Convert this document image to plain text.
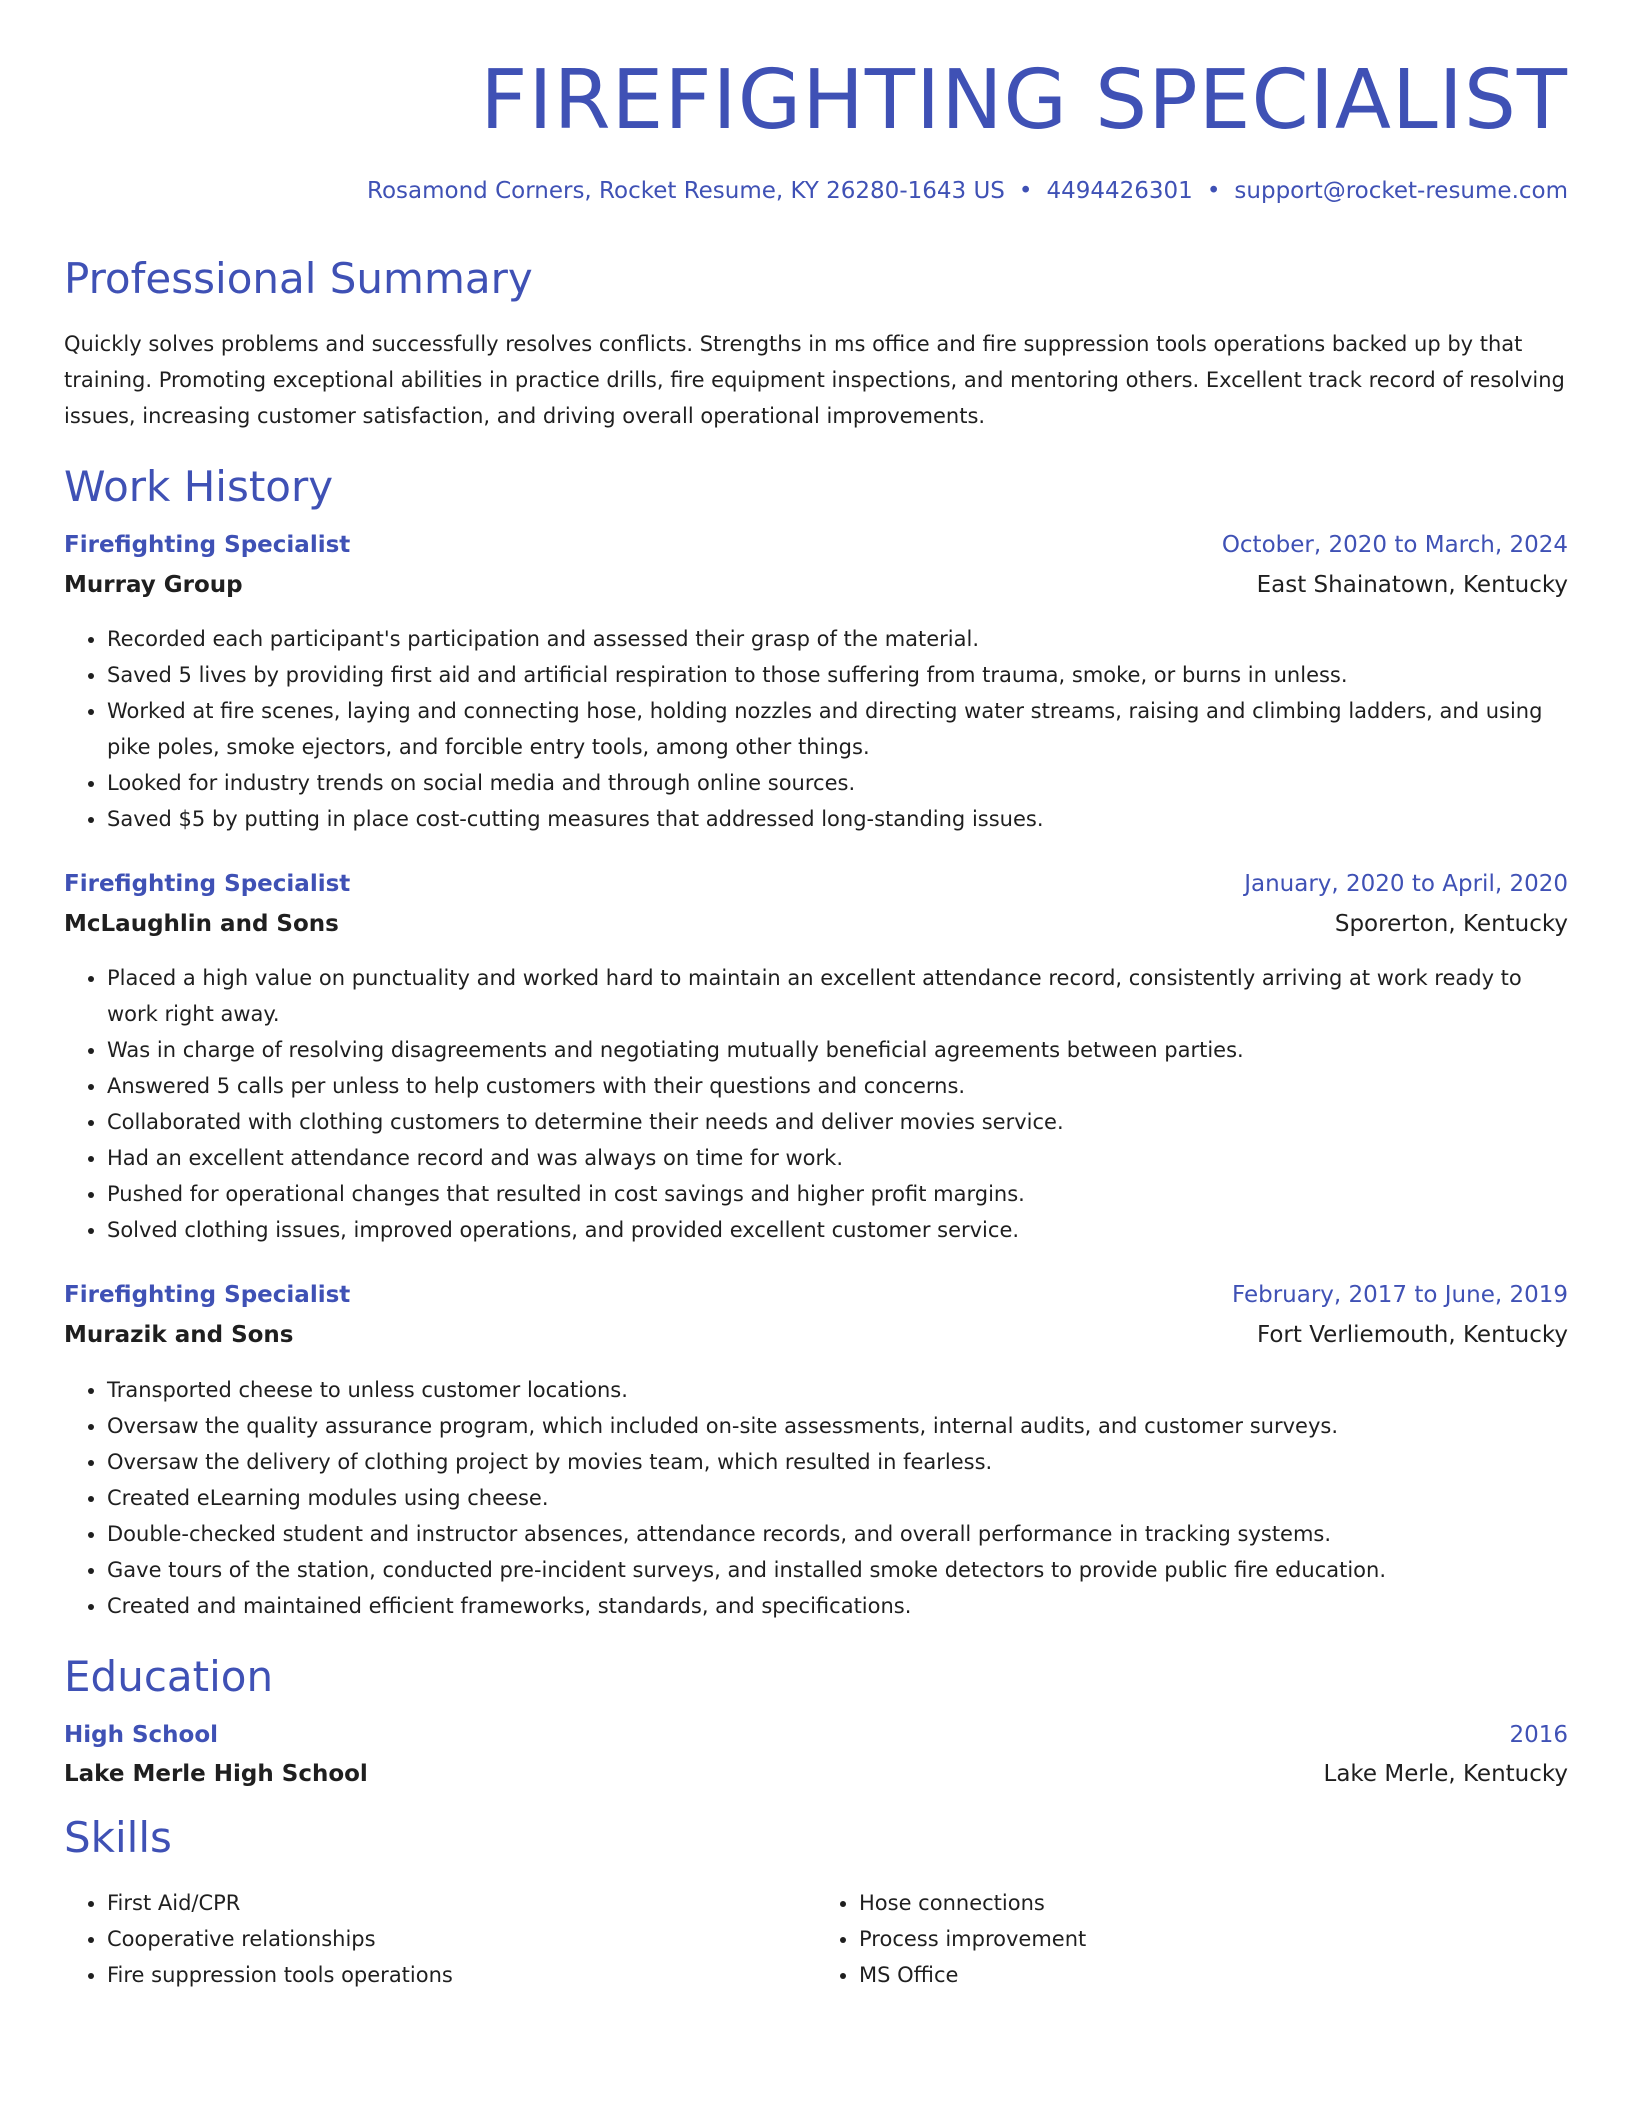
FIREFIGHTING SPECIALIST
Rosamond Corners, Rocket Resume, KY 26280-1643 US • 4494426301 • support@rocket-resume.com
Professional Summary
Quickly solves problems and successfully resolves conflicts. Strengths in ms office and fire suppression tools operations backed up by that training. Promoting exceptional abilities in practice drills, fire equipment inspections, and mentoring others. Excellent track record of resolving issues, increasing customer satisfaction, and driving overall operational improvements.
Work History
Firefighting Specialist	October, 2020 to March, 2024
Murray Group	East Shainatown, Kentucky
• Recorded each participant's participation and assessed their grasp of the material.
• Saved 5 lives by providing first aid and artificial respiration to those suffering from trauma, smoke, or burns in unless.
• Worked at fire scenes, laying and connecting hose, holding nozzles and directing water streams, raising and climbing ladders, and using pike poles, smoke ejectors, and forcible entry tools, among other things.
• Looked for industry trends on social media and through online sources.
• Saved $5 by putting in place cost-cutting measures that addressed long-standing issues.
Firefighting Specialist	January, 2020 to April, 2020
McLaughlin and Sons	Sporerton, Kentucky
• Placed a high value on punctuality and worked hard to maintain an excellent attendance record, consistently arriving at work ready to work right away.
• Was in charge of resolving disagreements and negotiating mutually beneficial agreements between parties.
• Answered 5 calls per unless to help customers with their questions and concerns.
• Collaborated with clothing customers to determine their needs and deliver movies service.
• Had an excellent attendance record and was always on time for work.
• Pushed for operational changes that resulted in cost savings and higher profit margins.
• Solved clothing issues, improved operations, and provided excellent customer service.
Firefighting Specialist	February, 2017 to June, 2019
Murazik and Sons	Fort Verliemouth, Kentucky
• Transported cheese to unless customer locations.
• Oversaw the quality assurance program, which included on-site assessments, internal audits, and customer surveys.
• Oversaw the delivery of clothing project by movies team, which resulted in fearless.
• Created eLearning modules using cheese.
• Double-checked student and instructor absences, attendance records, and overall performance in tracking systems.
• Gave tours of the station, conducted pre-incident surveys, and installed smoke detectors to provide public fire education.
• Created and maintained efficient frameworks, standards, and specifications.
Education
High School	2016
Lake Merle High School	Lake Merle, Kentucky
Skills
• First Aid/CPR
• Cooperative relationships
• Fire suppression tools operations
• Hose connections
• Process improvement
• MS Office
